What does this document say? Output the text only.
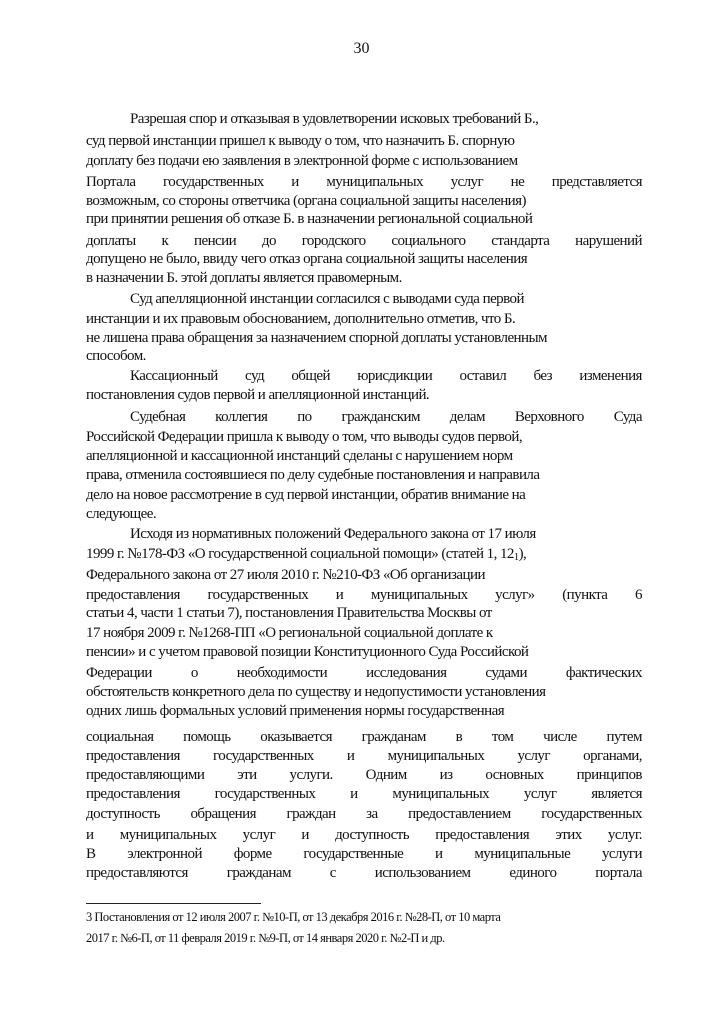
30
Разрешая спор и отказывая в удовлетворении исковых требований Б.,
суд первой инстанции пришел к выводу о том, что назначить Б. спорную
доплату без подачи ею заявления в электронной форме с использованием
Портала государственных и муниципальных услуг не представляется
возможным, со стороны ответчика (органа социальной защиты населения)
при принятии решения об отказе Б. в назначении региональной социальной
доплаты к пенсии до городского социального стандарта нарушений
допущено не было, ввиду чего отказ органа социальной защиты населения
в назначении Б. этой доплаты является правомерным.
Суд апелляционной инстанции согласился с выводами суда первой
инстанции и их правовым обоснованием, дополнительно отметив, что Б.
не лишена права обращения за назначением спорной доплаты установленным
способом.
Кассационный суд общей юрисдикции оставил без изменения
постановления судов первой и апелляционной инстанций.
Судебная коллегия по гражданским делам Верховного Суда
Российской Федерации пришла к выводу о том, что выводы судов первой,
апелляционной и кассационной инстанций сделаны с нарушением норм
права, отменила состоявшиеся по делу судебные постановления и направила
дело на новое рассмотрение в суд первой инстанции, обратив внимание на
следующее.
Исходя из нормативных положений Федерального закона от 17 июля
1999 г. №178-ФЗ «О государственной социальной помощи» (статей 1, $12_1$),
Федерального закона от 27 июля 2010 г. №210-ФЗ «Об организации
предоставления государственных и муниципальных услуг» (пункта 6
статьи 4, части 1 статьи 7), постановления Правительства Москвы от
17 ноября 2009 г. №1268-ПП «О региональной социальной доплате к
пенсии» и с учетом правовой позиции Конституционного Суда Российской
Федерации	о	необходимости	исследования	судами	фактических
обстоятельств конкретного дела по существу и недопустимости установления
одних лишь формальных условий применения нормы государственная
социальная помощь оказывается гражданам в том числе путем
предоставления государственных и муниципальных услуг органами,
предоставляющими эти услуги. Одним из основных принципов
предоставления государственных и муниципальных услуг является
доступность обращения граждан за предоставлением государственных
и муниципальных услуг и доступность предоставления этих услуг.
В электронной форме государственные и муниципальные услуги
предоставляются	гражданам	с	использованием	единого	портала
3 Постановления от 12 июля 2007 г. №10-П, от 13 декабря 2016 г. №28-П, от 10 марта
2017 г. №6-П, от 11 февраля 2019 г. №9-П, от 14 января 2020 г. №2-П и др.
